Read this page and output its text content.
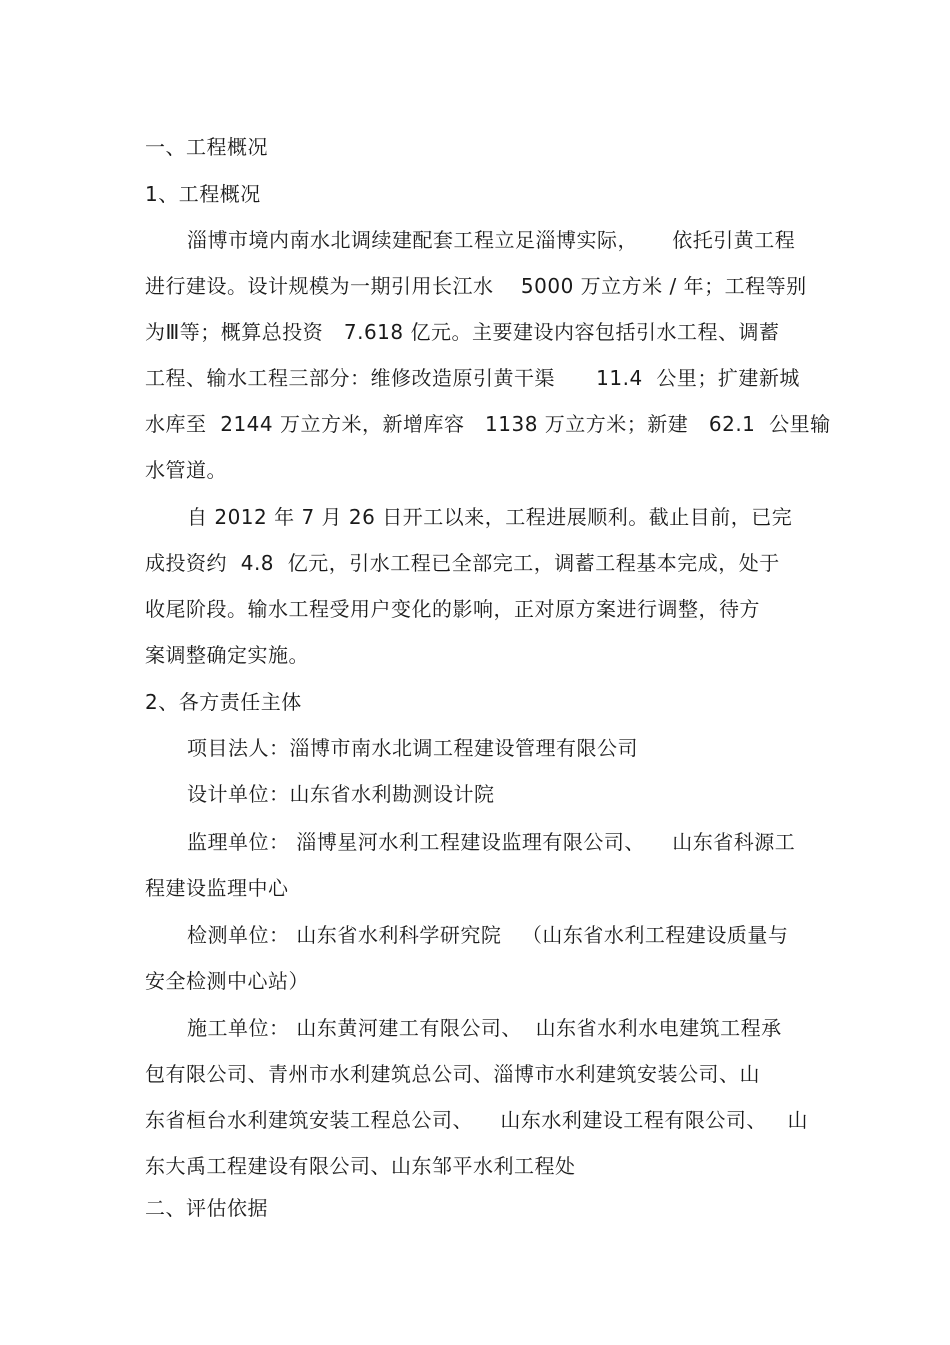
一、工程概况
1、工程概况
淄博市境内南水北调续建配套工程立足淄博实际，     依托引黄工程
进行建设。设计规模为一期引用长江水    5000 万立方米 / 年；工程等别
为Ⅲ等；概算总投资   7.618 亿元。主要建设内容包括引水工程、调蓄
工程、输水工程三部分：维修改造原引黄干渠      11.4  公里；扩建新城
水库至  2144 万立方米，新增库容   1138 万立方米；新建   62.1  公里输
水管道。
自 2012 年 7 月 26 日开工以来，工程进展顺利。截止目前，已完
成投资约  4.8  亿元，引水工程已全部完工，调蓄工程基本完成，处于
收尾阶段。输水工程受用户变化的影响，正对原方案进行调整，待方
案调整确定实施。
2、各方责任主体
项目法人：淄博市南水北调工程建设管理有限公司
设计单位：山东省水利勘测设计院
监理单位： 淄博星河水利工程建设监理有限公司、    山东省科源工
程建设监理中心
检测单位： 山东省水利科学研究院   （山东省水利工程建设质量与
安全检测中心站）
施工单位： 山东黄河建工有限公司、  山东省水利水电建筑工程承
包有限公司、青州市水利建筑总公司、淄博市水利建筑安装公司、山
东省桓台水利建筑安装工程总公司、    山东水利建设工程有限公司、   山
东大禹工程建设有限公司、山东邹平水利工程处
二、评估依据
